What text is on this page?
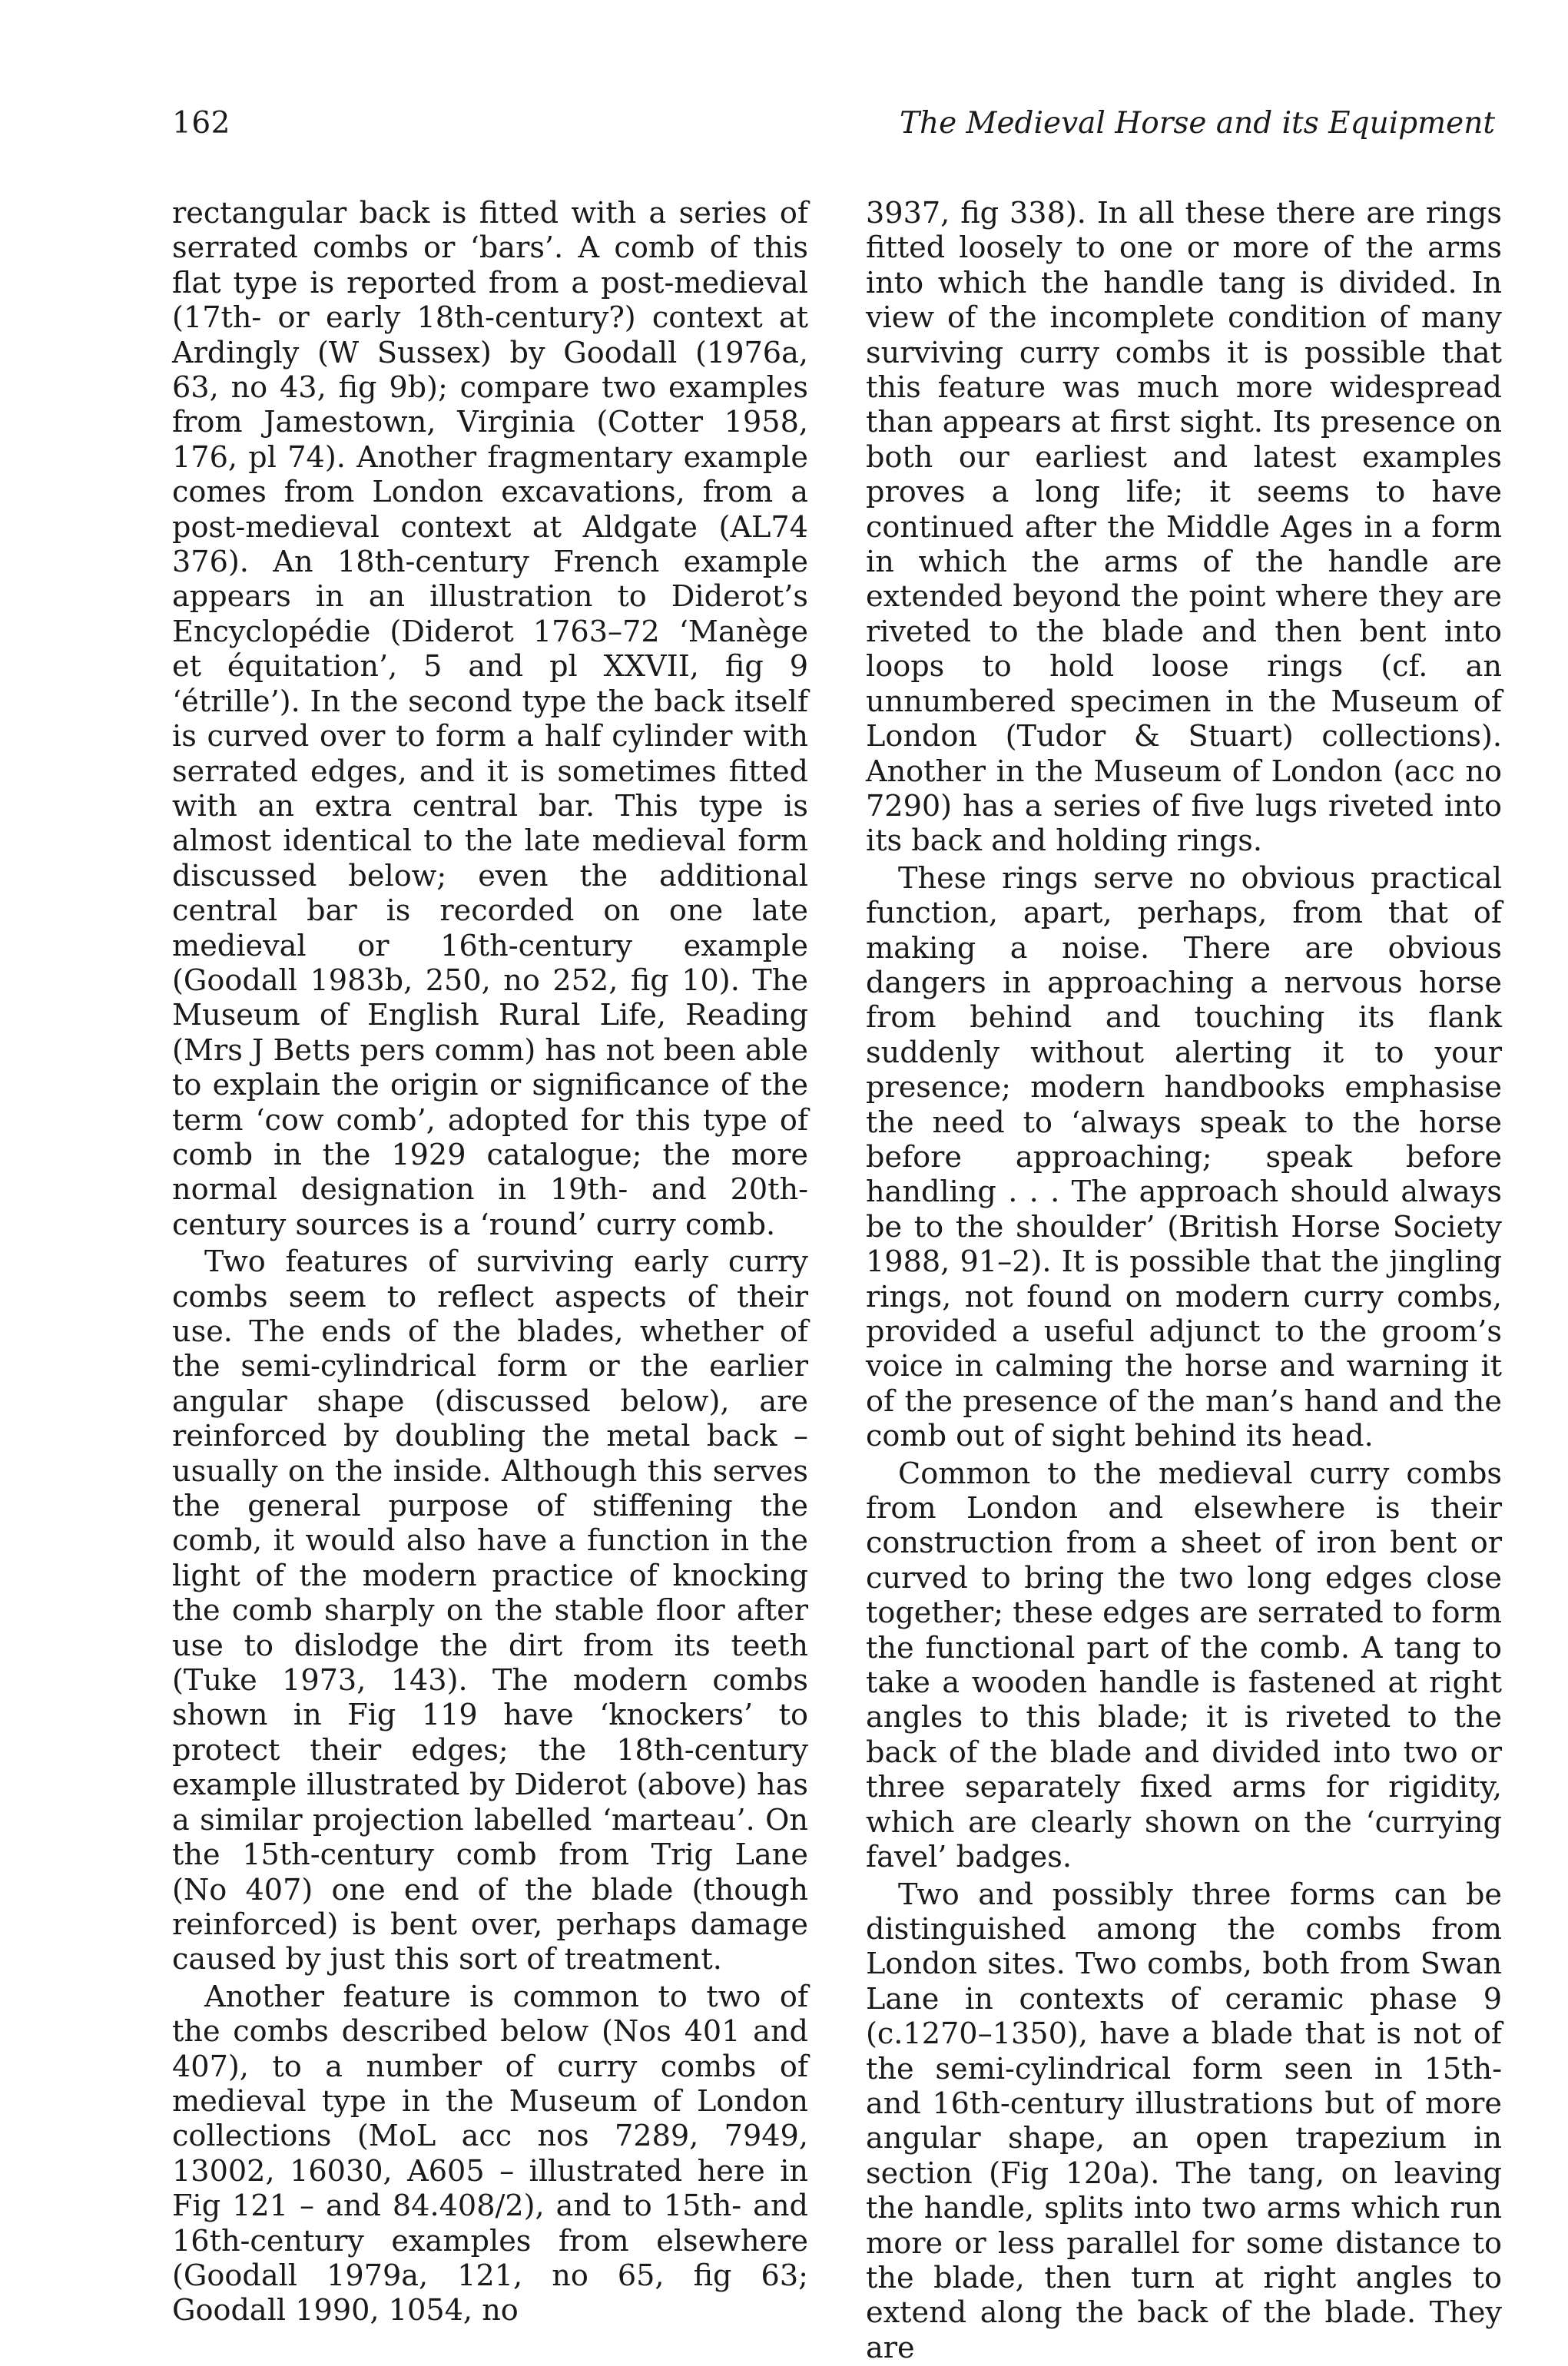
162	The Medieval Horse and its Equipment

rectangular back is fitted with a series of serrated combs or ‘bars’. A comb of this flat type is reported from a post-medieval (17th- or early 18th-century?) context at Ardingly (W Sussex) by Goodall (1976a, 63, no 43, fig 9b); compare two examples from Jamestown, Virginia (Cotter 1958, 176, pl 74). Another fragmentary example comes from London excavations, from a post-medieval context at Aldgate (AL74 376). An 18th-century French example appears in an illustration to Diderot’s Encyclopédie (Diderot 1763–72 ‘Manège et équitation’, 5 and pl XXVII, fig 9 ‘étrille’). In the second type the back itself is curved over to form a half cylinder with serrated edges, and it is sometimes fitted with an extra central bar. This type is almost identical to the late medieval form discussed below; even the additional central bar is recorded on one late medieval or 16th-century example (Goodall 1983b, 250, no 252, fig 10). The Museum of English Rural Life, Reading (Mrs J Betts pers comm) has not been able to explain the origin or significance of the term ‘cow comb’, adopted for this type of comb in the 1929 catalogue; the more normal designation in 19th- and 20th-century sources is a ‘round’ curry comb.

Two features of surviving early curry combs seem to reflect aspects of their use. The ends of the blades, whether of the semi-cylindrical form or the earlier angular shape (discussed below), are reinforced by doubling the metal back – usually on the inside. Although this serves the general purpose of stiffening the comb, it would also have a function in the light of the modern practice of knocking the comb sharply on the stable floor after use to dislodge the dirt from its teeth (Tuke 1973, 143). The modern combs shown in Fig 119 have ‘knockers’ to protect their edges; the 18th-century example illustrated by Diderot (above) has a similar projection labelled ‘marteau’. On the 15th-century comb from Trig Lane (No 407) one end of the blade (though reinforced) is bent over, perhaps damage caused by just this sort of treatment.

Another feature is common to two of the combs described below (Nos 401 and 407), to a number of curry combs of medieval type in the Museum of London collections (MoL acc nos 7289, 7949, 13002, 16030, A605 – illustrated here in Fig 121 – and 84.408/2), and to 15th- and 16th-century examples from elsewhere (Goodall 1979a, 121, no 65, fig 63; Goodall 1990, 1054, no

3937, fig 338). In all these there are rings fitted loosely to one or more of the arms into which the handle tang is divided. In view of the incomplete condition of many surviving curry combs it is possible that this feature was much more widespread than appears at first sight. Its presence on both our earliest and latest examples proves a long life; it seems to have continued after the Middle Ages in a form in which the arms of the handle are extended beyond the point where they are riveted to the blade and then bent into loops to hold loose rings (cf. an unnumbered specimen in the Museum of London (Tudor & Stuart) collections). Another in the Museum of London (acc no 7290) has a series of five lugs riveted into its back and holding rings.

These rings serve no obvious practical function, apart, perhaps, from that of making a noise. There are obvious dangers in approaching a nervous horse from behind and touching its flank suddenly without alerting it to your presence; modern handbooks emphasise the need to ‘always speak to the horse before approaching; speak before handling . . . The approach should always be to the shoulder’ (British Horse Society 1988, 91–2). It is possible that the jingling rings, not found on modern curry combs, provided a useful adjunct to the groom’s voice in calming the horse and warning it of the presence of the man’s hand and the comb out of sight behind its head.

Common to the medieval curry combs from London and elsewhere is their construction from a sheet of iron bent or curved to bring the two long edges close together; these edges are serrated to form the functional part of the comb. A tang to take a wooden handle is fastened at right angles to this blade; it is riveted to the back of the blade and divided into two or three separately fixed arms for rigidity, which are clearly shown on the ‘currying favel’ badges.

Two and possibly three forms can be distinguished among the combs from London sites. Two combs, both from Swan Lane in contexts of ceramic phase 9 (c.1270–1350), have a blade that is not of the semi-cylindrical form seen in 15th- and 16th-century illustrations but of more angular shape, an open trapezium in section (Fig 120a). The tang, on leaving the handle, splits into two arms which run more or less parallel for some distance to the blade, then turn at right angles to extend along the back of the blade. They are
